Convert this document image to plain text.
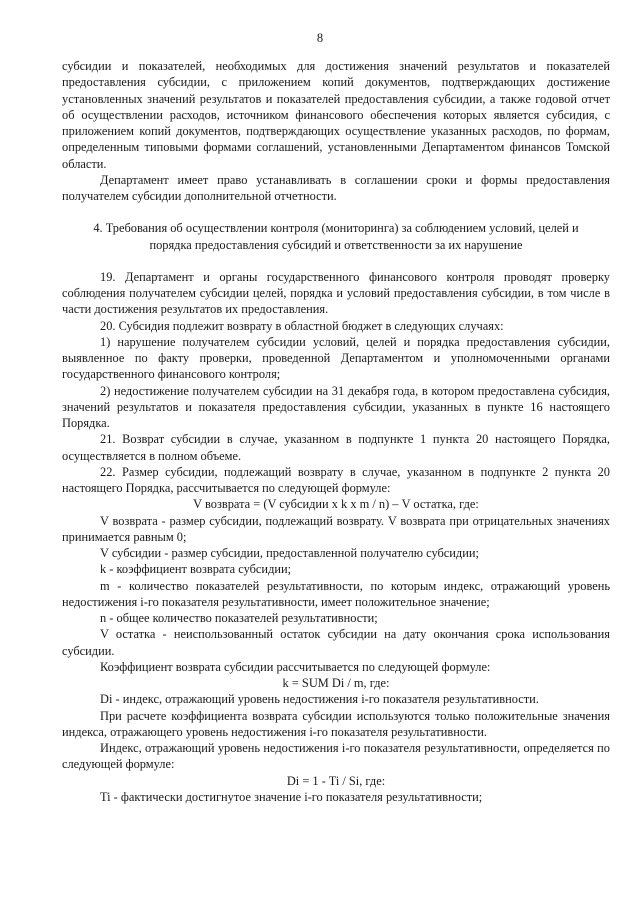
8

субсидии и показателей, необходимых для достижения значений результатов и показателей предоставления субсидии, с приложением копий документов, подтверждающих достижение установленных значений результатов и показателей предоставления субсидии, а также годовой отчет об осуществлении расходов, источником финансового обеспечения которых является субсидия, с приложением копий документов, подтверждающих осуществление указанных расходов, по формам, определенным типовыми формами соглашений, установленными Департаментом финансов Томской области.

Департамент имеет право устанавливать в соглашении сроки и формы предоставления получателем субсидии дополнительной отчетности.

4. Требования об осуществлении контроля (мониторинга) за соблюдением условий, целей и порядка предоставления субсидий и ответственности за их нарушение

19. Департамент и органы государственного финансового контроля проводят проверку соблюдения получателем субсидии целей, порядка и условий предоставления субсидии, в том числе в части достижения результатов их предоставления.

20. Субсидия подлежит возврату в областной бюджет в следующих случаях:

1) нарушение получателем субсидии условий, целей и порядка предоставления субсидии, выявленное по факту проверки, проведенной Департаментом и уполномоченными органами государственного финансового контроля;

2) недостижение получателем субсидии на 31 декабря года, в котором предоставлена субсидия, значений результатов и показателя предоставления субсидии, указанных в пункте 16 настоящего Порядка.

21. Возврат субсидии в случае, указанном в подпункте 1 пункта 20 настоящего Порядка, осуществляется в полном объеме.

22. Размер субсидии, подлежащий возврату в случае, указанном в подпункте 2 пункта 20 настоящего Порядка, рассчитывается по следующей формуле:

V возврата = (V субсидии x k x m / n) – V остатка, где:

V возврата - размер субсидии, подлежащий возврату. V возврата при отрицательных значениях принимается равным 0;

V субсидии - размер субсидии, предоставленной получателю субсидии;

k - коэффициент возврата субсидии;

m - количество показателей результативности, по которым индекс, отражающий уровень недостижения i-го показателя результативности, имеет положительное значение;

n - общее количество показателей результативности;

V остатка - неиспользованный остаток субсидии на дату окончания срока использования субсидии.

Коэффициент возврата субсидии рассчитывается по следующей формуле:

k = SUM Di / m, где:

Di - индекс, отражающий уровень недостижения i-го показателя результативности.

При расчете коэффициента возврата субсидии используются только положительные значения индекса, отражающего уровень недостижения i-го показателя результативности.

Индекс, отражающий уровень недостижения i-го показателя результативности, определяется по следующей формуле:

Di = 1 - Ti / Si, где:

Ti - фактически достигнутое значение i-го показателя результативности;
